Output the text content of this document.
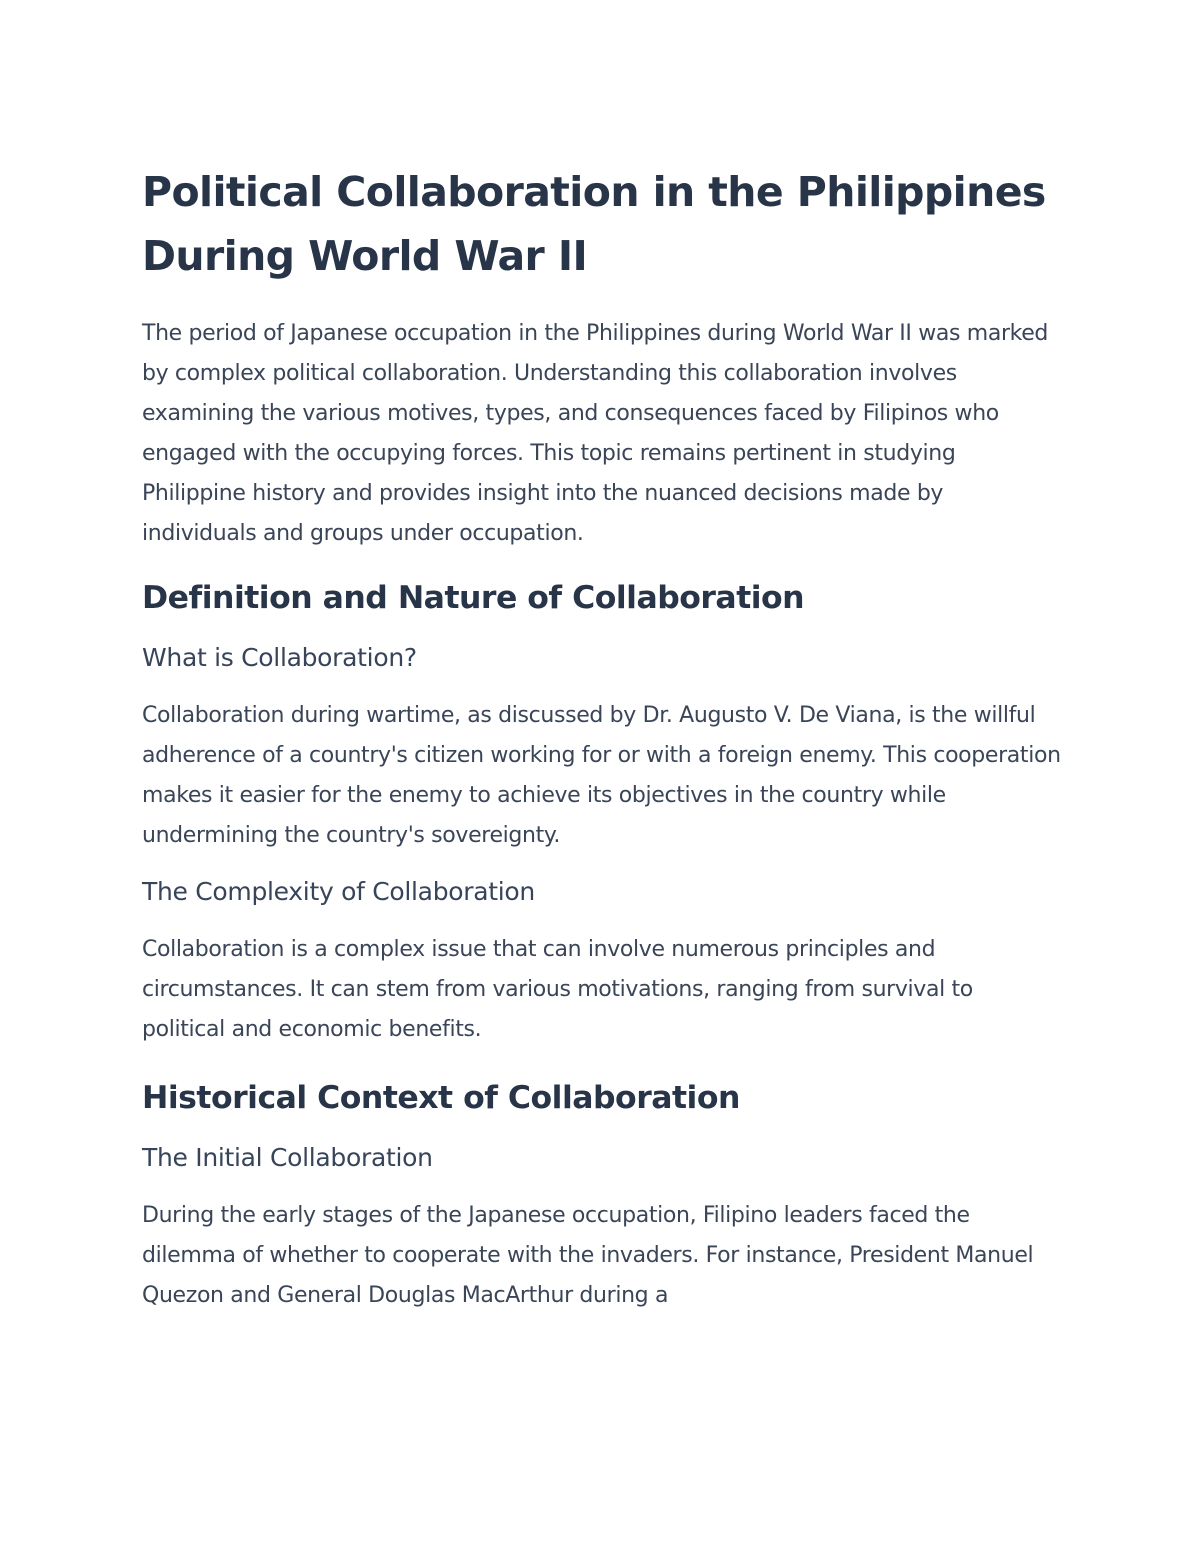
Political Collaboration in the Philippines During World War II

The period of Japanese occupation in the Philippines during World War II was marked by complex political collaboration. Understanding this collaboration involves examining the various motives, types, and consequences faced by Filipinos who engaged with the occupying forces. This topic remains pertinent in studying Philippine history and provides insight into the nuanced decisions made by individuals and groups under occupation.

Definition and Nature of Collaboration
What is Collaboration?

Collaboration during wartime, as discussed by Dr. Augusto V. De Viana, is the willful adherence of a country's citizen working for or with a foreign enemy. This cooperation makes it easier for the enemy to achieve its objectives in the country while undermining the country's sovereignty.

The Complexity of Collaboration

Collaboration is a complex issue that can involve numerous principles and circumstances. It can stem from various motivations, ranging from survival to political and economic benefits.

Historical Context of Collaboration
The Initial Collaboration

During the early stages of the Japanese occupation, Filipino leaders faced the dilemma of whether to cooperate with the invaders. For instance, President Manuel Quezon and General Douglas MacArthur during a
